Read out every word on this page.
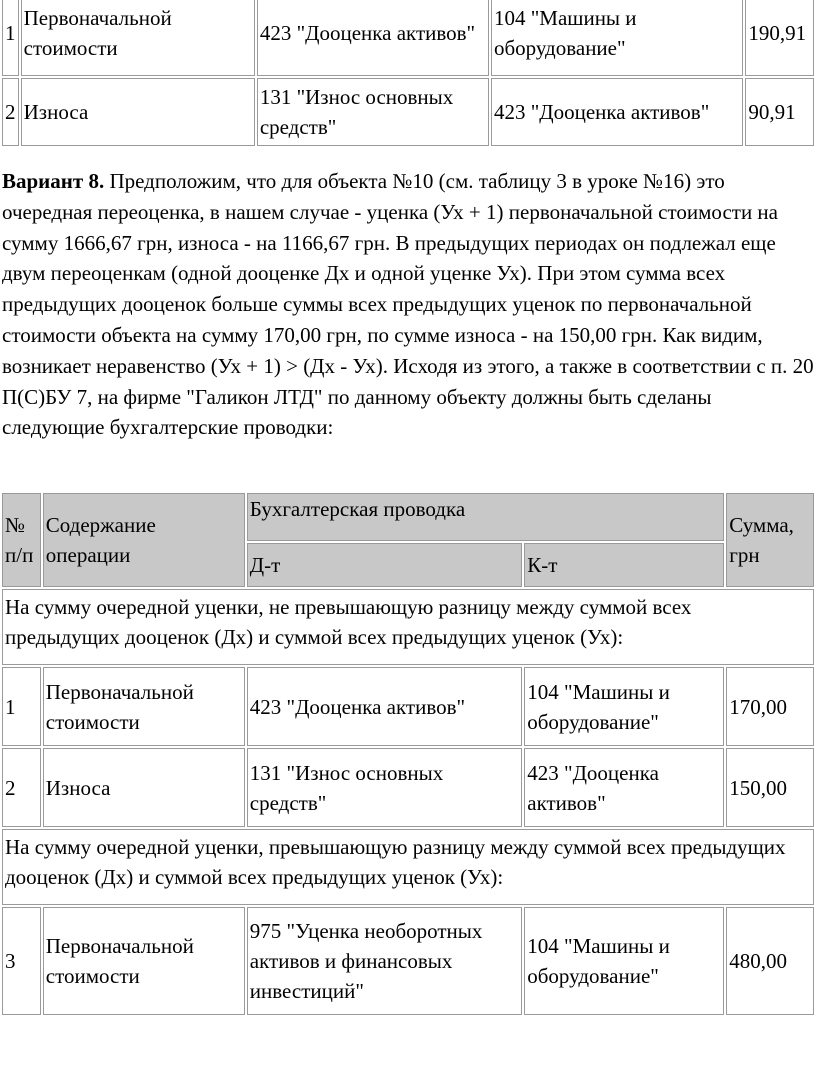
1	Первоначальной стоимости	423 "Дооценка активов"	104 "Машины и оборудование"	190,91
2	Износа	131 "Износ основных средств"	423 "Дооценка активов"	90,91

Вариант 8. Предположим, что для объекта №10 (см. таблицу 3 в уроке №16) это очередная переоценка, в нашем случае - уценка (Ух + 1) первоначальной стоимости на сумму 1666,67 грн, износа - на 1166,67 грн. В предыдущих периодах он подлежал еще двум переоценкам (одной дооценке Дх и одной уценке Ух). При этом сумма всех предыдущих дооценок больше суммы всех предыдущих уценок по первоначальной стоимости объекта на сумму 170,00 грн, по сумме износа - на 150,00 грн. Как видим, возникает неравенство (Ух + 1) > (Дх - Ух). Исходя из этого, а также в соответствии с п. 20 П(С)БУ 7, на фирме "Галикон ЛТД" по данному объекту должны быть сделаны следующие бухгалтерские проводки:

№ п/п	Содержание операции	Бухгалтерская проводка		Сумма, грн
		Д-т	К-т	
На сумму очередной уценки, не превышающую разницу между суммой всех предыдущих дооценок (Дх) и суммой всех предыдущих уценок (Ух):				
1	Первоначальной стоимости	423 "Дооценка активов"	104 "Машины и оборудование"	170,00
2	Износа	131 "Износ основных средств"	423 "Дооценка активов"	150,00
На сумму очередной уценки, превышающую разницу между суммой всех предыдущих дооценок (Дх) и суммой всех предыдущих уценок (Ух):				
3	Первоначальной стоимости	975 "Уценка необоротных активов и финансовых инвестиций"	104 "Машины и оборудование"	480,00
